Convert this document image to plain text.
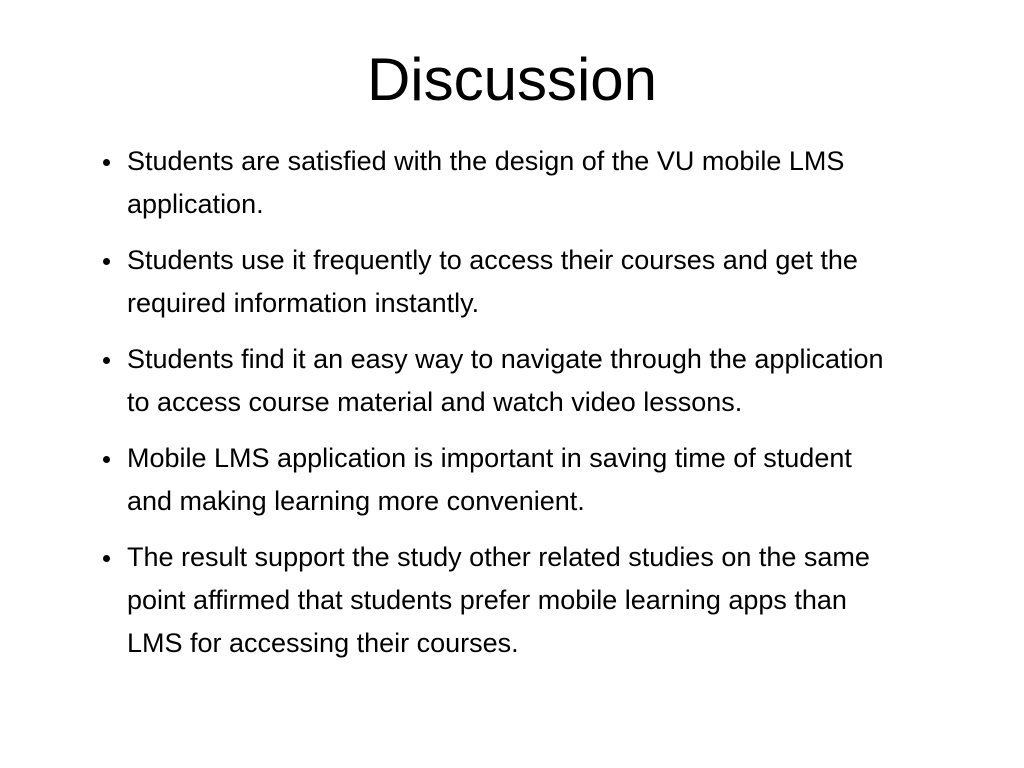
Discussion
Students are satisfied with the design of the VU mobile LMS application.
Students use it frequently to access their courses and get the required information instantly.
Students find it an easy way to navigate through the application to access course material and watch video lessons.
Mobile LMS application is important in saving time of student and making learning more convenient.
The result support the study other related studies on the same point affirmed that students prefer mobile learning apps than LMS for accessing their courses.
